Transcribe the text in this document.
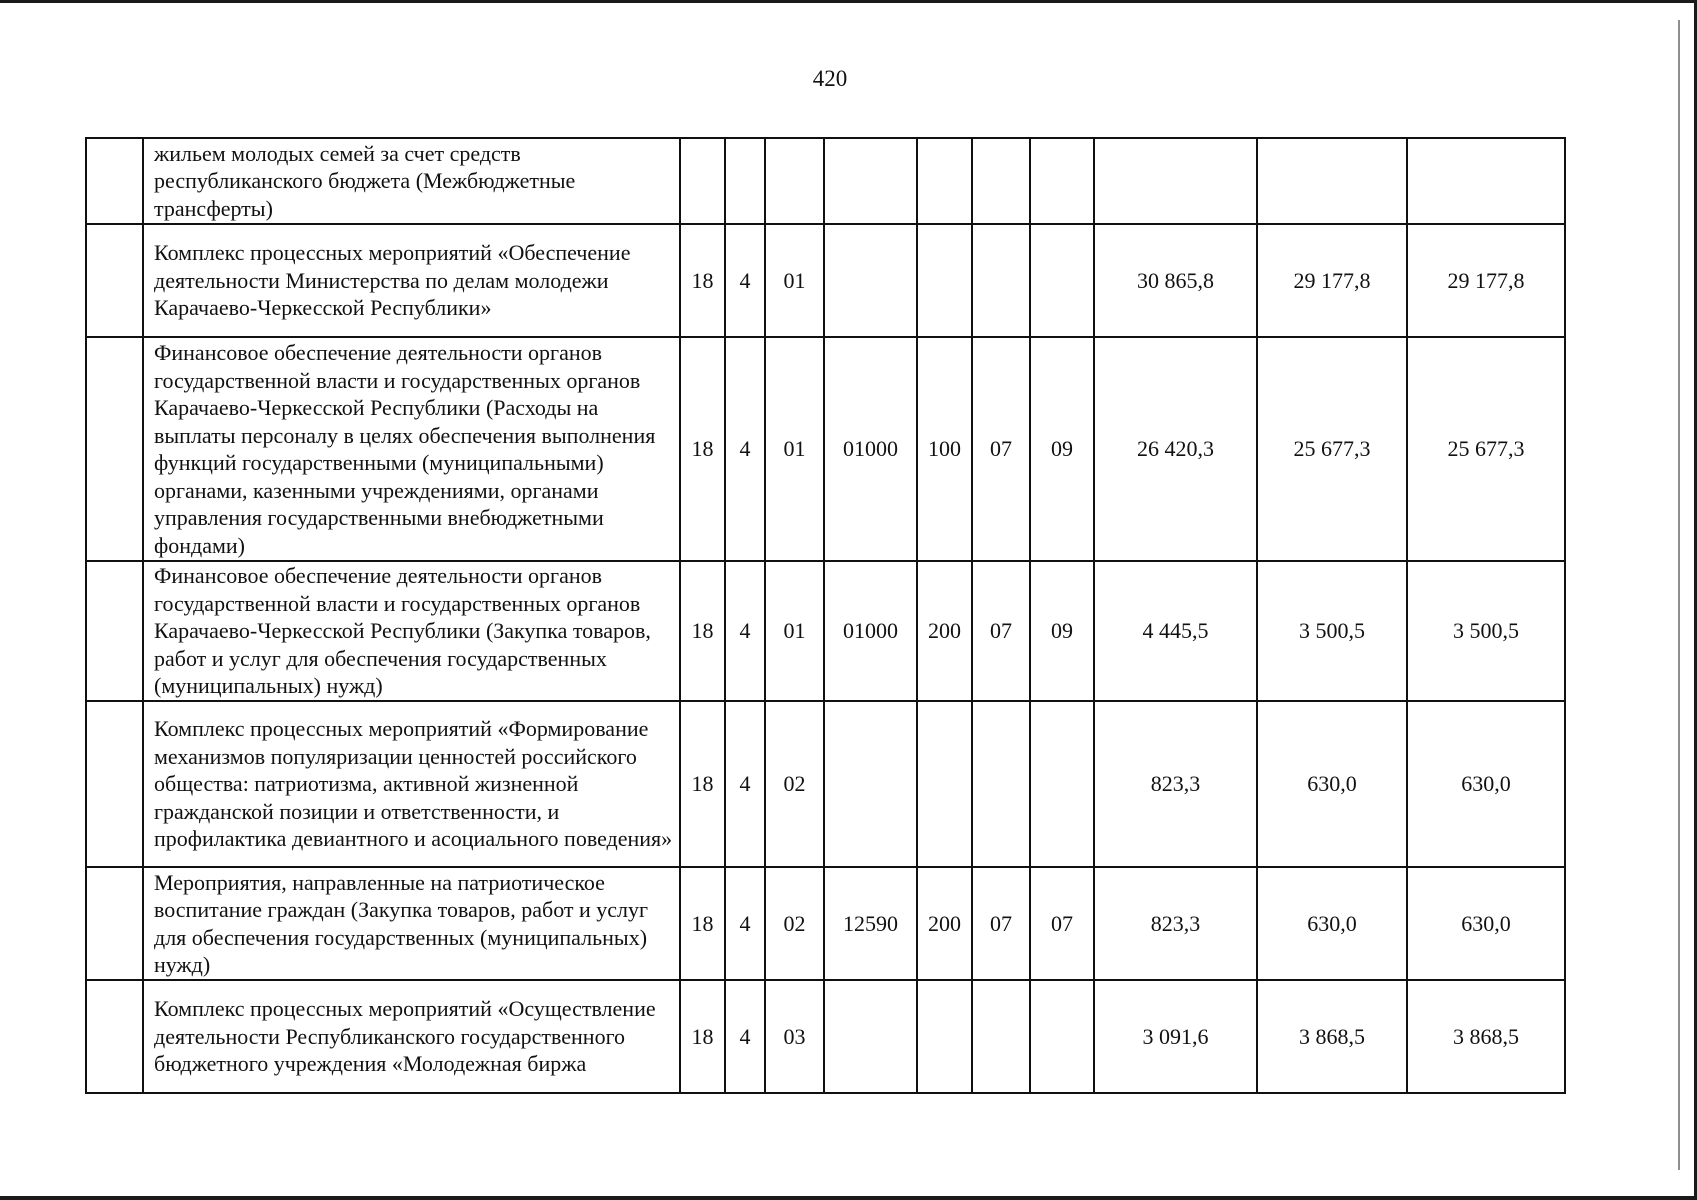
420
	жильем молодых семей за счет средств республиканского бюджета (Межбюджетные трансферты)										
	Комплекс процессных мероприятий «Обеспечение деятельности Министерства по делам молодежи Карачаево-Черкесской Республики»	18	4	01					30 865,8	29 177,8	29 177,8
	Финансовое обеспечение деятельности органов государственной власти и государственных органов Карачаево-Черкесской Республики (Расходы на выплаты персоналу в целях обеспечения выполнения функций государственными (муниципальными) органами, казенными учреждениями, органами управления государственными внебюджетными фондами)	18	4	01	01000	100	07	09	26 420,3	25 677,3	25 677,3
	Финансовое обеспечение деятельности органов государственной власти и государственных органов Карачаево-Черкесской Республики (Закупка товаров, работ и услуг для обеспечения государственных (муниципальных) нужд)	18	4	01	01000	200	07	09	4 445,5	3 500,5	3 500,5
	Комплекс процессных мероприятий «Формирование механизмов популяризации ценностей российского общества: патриотизма, активной жизненной гражданской позиции и ответственности, и профилактика девиантного и асоциального поведения»	18	4	02					823,3	630,0	630,0
	Мероприятия, направленные на патриотическое воспитание граждан (Закупка товаров, работ и услуг для обеспечения государственных (муниципальных) нужд)	18	4	02	12590	200	07	07	823,3	630,0	630,0
	Комплекс процессных мероприятий «Осуществление деятельности Республиканского государственного бюджетного учреждения «Молодежная биржа	18	4	03					3 091,6	3 868,5	3 868,5
